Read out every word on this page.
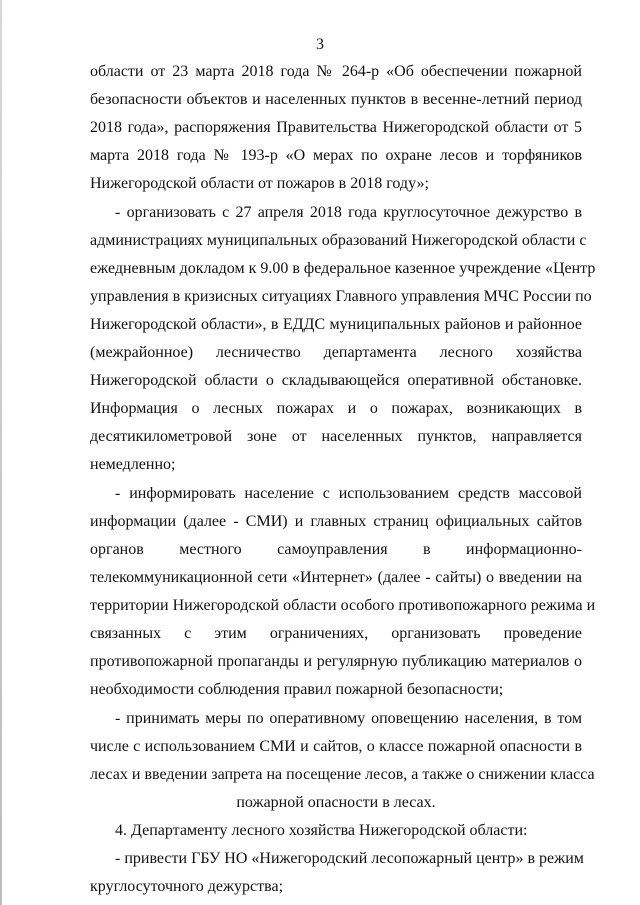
3
области от 23 марта 2018 года № 264-р «Об обеспечении пожарной
безопасности объектов и населенных пунктов в весенне-летний период
2018 года», распоряжения Правительства Нижегородской области от 5
марта 2018 года № 193-р «О мерах по охране лесов и торфяников
Нижегородской области от пожаров в 2018 году»;
- организовать с 27 апреля 2018 года круглосуточное дежурство в
администрациях муниципальных образований Нижегородской области с
ежедневным докладом к 9.00 в федеральное казенное учреждение «Центр
управления в кризисных ситуациях Главного управления МЧС России по
Нижегородской области», в ЕДДС муниципальных районов и районное
(межрайонное) лесничество департамента лесного хозяйства
Нижегородской области о складывающейся оперативной обстановке.
Информация о лесных пожарах и о пожарах, возникающих в
десятикилометровой зоне от населенных пунктов, направляется
немедленно;
- информировать население с использованием средств массовой
информации (далее - СМИ) и главных страниц официальных сайтов
органов местного самоуправления в информационно-
телекоммуникационной сети «Интернет» (далее - сайты) о введении на
территории Нижегородской области особого противопожарного режима и
связанных с этим ограничениях, организовать проведение
противопожарной пропаганды и регулярную публикацию материалов о
необходимости соблюдения правил пожарной безопасности;
- принимать меры по оперативному оповещению населения, в том
числе с использованием СМИ и сайтов, о классе пожарной опасности в
лесах и введении запрета на посещение лесов, а также о снижении класса
пожарной опасности в лесах.
4. Департаменту лесного хозяйства Нижегородской области:
- привести ГБУ НО «Нижегородский лесопожарный центр» в режим
круглосуточного дежурства;
